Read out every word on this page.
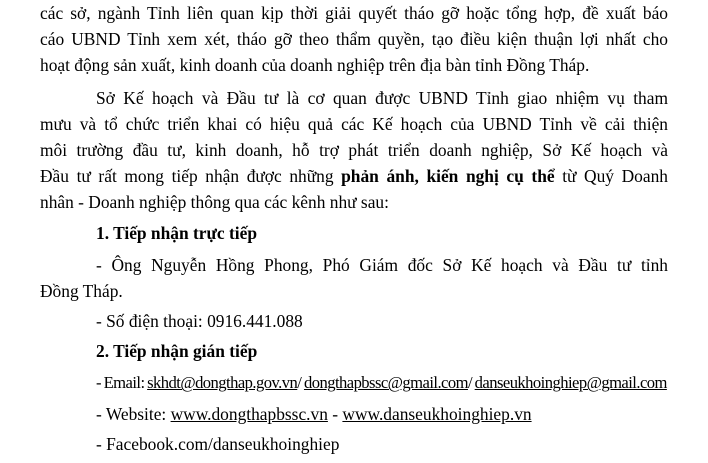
các sở, ngành Tỉnh liên quan kịp thời giải quyết tháo gỡ hoặc tổng hợp, đề xuất báo
cáo UBND Tỉnh xem xét, tháo gỡ theo thẩm quyền, tạo điều kiện thuận lợi nhất cho
hoạt động sản xuất, kinh doanh của doanh nghiệp trên địa bàn tỉnh Đồng Tháp.
Sở Kế hoạch và Đầu tư là cơ quan được UBND Tỉnh giao nhiệm vụ tham
mưu và tổ chức triển khai có hiệu quả các Kế hoạch của UBND Tỉnh về cải thiện
môi trường đầu tư, kinh doanh, hỗ trợ phát triển doanh nghiệp, Sở Kế hoạch và
Đầu tư rất mong tiếp nhận được những phản ánh, kiến nghị cụ thể từ Quý Doanh
nhân - Doanh nghiệp thông qua các kênh như sau:
1. Tiếp nhận trực tiếp
- Ông Nguyễn Hồng Phong, Phó Giám đốc Sở Kế hoạch và Đầu tư tỉnh
Đồng Tháp.
- Số điện thoại: 0916.441.088
2. Tiếp nhận gián tiếp
- Email: skhdt@dongthap.gov.vn/ dongthapbssc@gmail.com/ danseukhoinghiep@gmail.com
- Website: www.dongthapbssc.vn - www.danseukhoinghiep.vn
- Facebook.com/danseukhoinghiep
